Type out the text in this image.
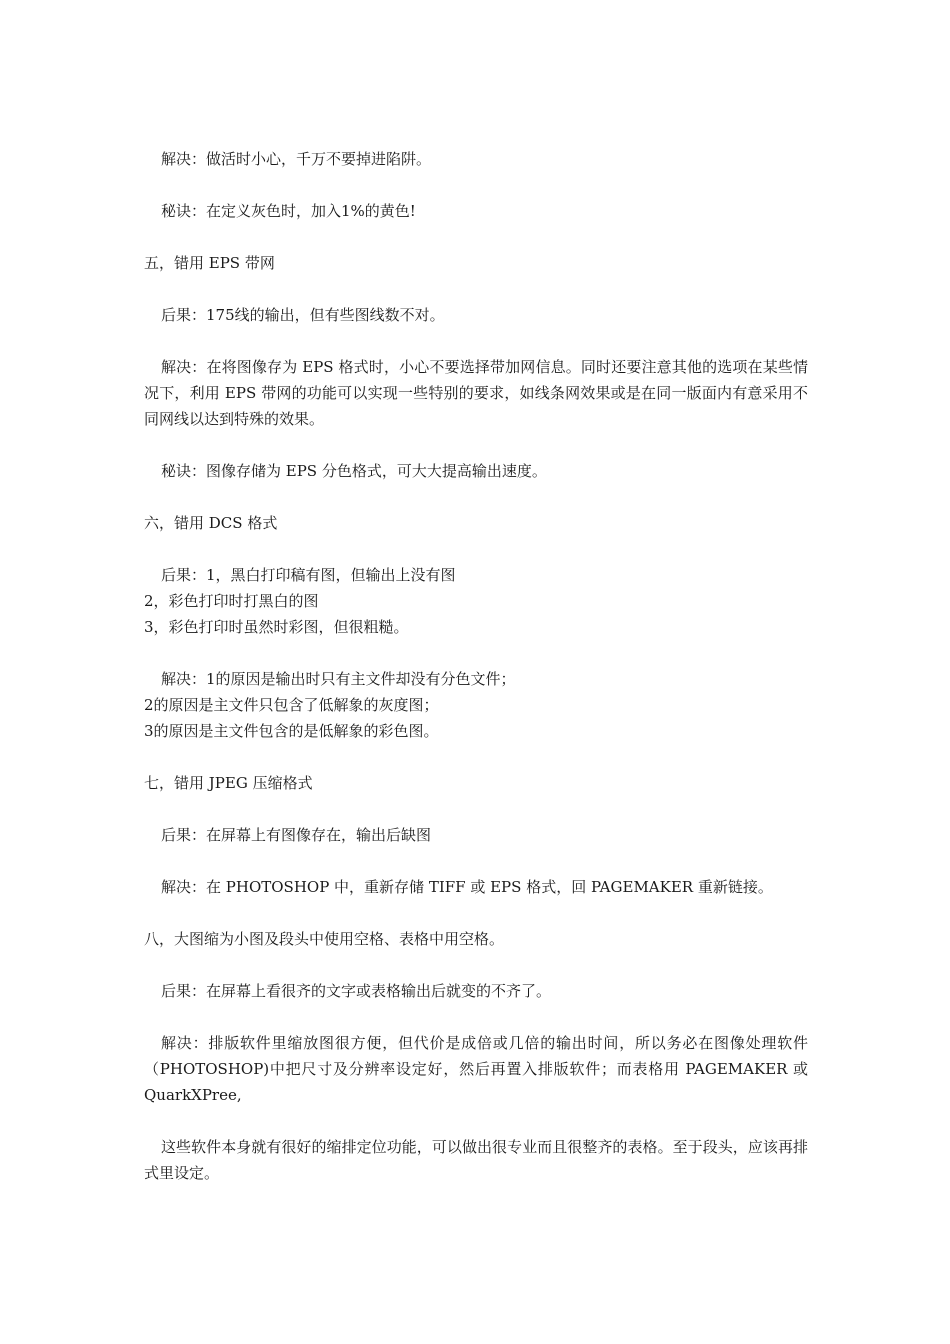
解决：做活时小心，千万不要掉进陷阱。

秘诀：在定义灰色时，加入1%的黄色!

五，错用 EPS 带网

后果：175线的输出，但有些图线数不对。

解决：在将图像存为 EPS 格式时，小心不要选择带加网信息。同时还要注意其他的选项在某些情况下，利用 EPS 带网的功能可以实现一些特别的要求，如线条网效果或是在同一版面内有意采用不同网线以达到特殊的效果。

秘诀：图像存储为 EPS 分色格式，可大大提高输出速度。

六，错用 DCS 格式

后果：1，黑白打印稿有图，但输出上没有图
2，彩色打印时打黑白的图
3，彩色打印时虽然时彩图，但很粗糙。

解决：1的原因是输出时只有主文件却没有分色文件；
2的原因是主文件只包含了低解象的灰度图；
3的原因是主文件包含的是低解象的彩色图。

七，错用 JPEG 压缩格式

后果：在屏幕上有图像存在，输出后缺图

解决：在 PHOTOSHOP 中，重新存储 TIFF 或 EPS 格式，回 PAGEMAKER 重新链接。

八，大图缩为小图及段头中使用空格、表格中用空格。

后果：在屏幕上看很齐的文字或表格输出后就变的不齐了。

解决：排版软件里缩放图很方便，但代价是成倍或几倍的输出时间，所以务必在图像处理软件（PHOTOSHOP)中把尺寸及分辨率设定好，然后再置入排版软件；而表格用 PAGEMAKER 或 QuarkXPree,

这些软件本身就有很好的缩排定位功能，可以做出很专业而且很整齐的表格。至于段头，应该再排式里设定。
